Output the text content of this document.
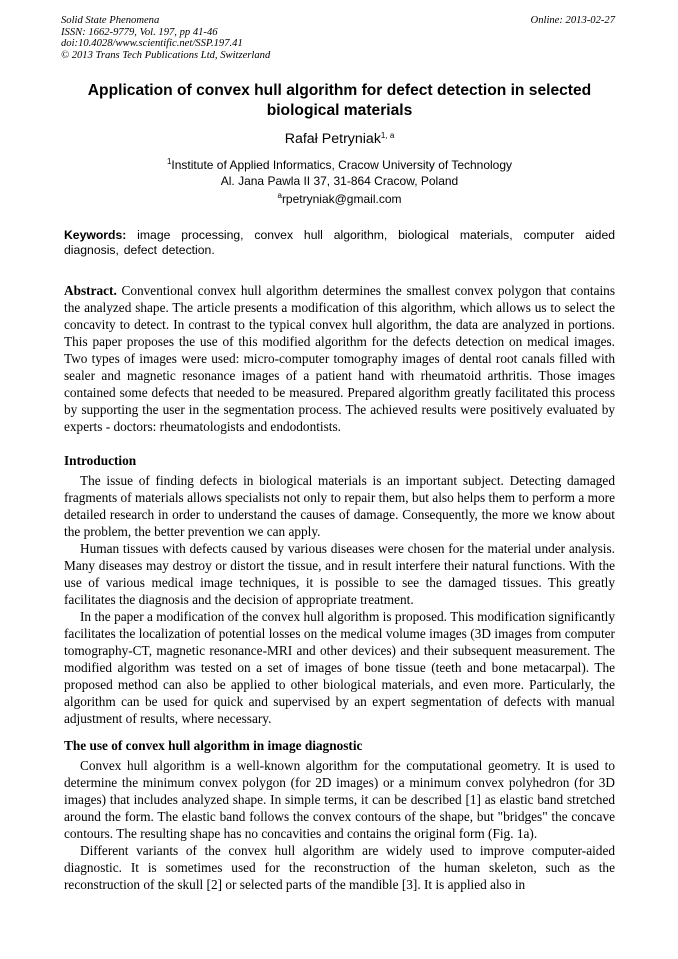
Solid State Phenomena
ISSN: 1662-9779, Vol. 197, pp 41-46
doi:10.4028/www.scientific.net/SSP.197.41
© 2013 Trans Tech Publications Ltd, Switzerland
Online: 2013-02-27
Application of convex hull algorithm for defect detection in selected biological materials
Rafał Petryniak$^{1, a}$
$^1$Institute of Applied Informatics, Cracow University of Technology
Al. Jana Pawla II 37, 31-864 Cracow, Poland
$^a$rpetryniak@gmail.com
Keywords: image processing, convex hull algorithm, biological materials, computer aided diagnosis, defect detection.
Abstract. Conventional convex hull algorithm determines the smallest convex polygon that contains the analyzed shape. The article presents a modification of this algorithm, which allows us to select the concavity to detect. In contrast to the typical convex hull algorithm, the data are analyzed in portions. This paper proposes the use of this modified algorithm for the defects detection on medical images. Two types of images were used: micro-computer tomography images of dental root canals filled with sealer and magnetic resonance images of a patient hand with rheumatoid arthritis. Those images contained some defects that needed to be measured. Prepared algorithm greatly facilitated this process by supporting the user in the segmentation process. The achieved results were positively evaluated by experts - doctors: rheumatologists and endodontists.
Introduction

The issue of finding defects in biological materials is an important subject. Detecting damaged fragments of materials allows specialists not only to repair them, but also helps them to perform a more detailed research in order to understand the causes of damage. Consequently, the more we know about the problem, the better prevention we can apply.

Human tissues with defects caused by various diseases were chosen for the material under analysis. Many diseases may destroy or distort the tissue, and in result interfere their natural functions. With the use of various medical image techniques, it is possible to see the damaged tissues. This greatly facilitates the diagnosis and the decision of appropriate treatment.

In the paper a modification of the convex hull algorithm is proposed. This modification significantly facilitates the localization of potential losses on the medical volume images (3D images from computer tomography-CT, magnetic resonance-MRI and other devices) and their subsequent measurement. The modified algorithm was tested on a set of images of bone tissue (teeth and bone metacarpal). The proposed method can also be applied to other biological materials, and even more. Particularly, the algorithm can be used for quick and supervised by an expert segmentation of defects with manual adjustment of results, where necessary.

The use of convex hull algorithm in image diagnostic

Convex hull algorithm is a well-known algorithm for the computational geometry. It is used to determine the minimum convex polygon (for 2D images) or a minimum convex polyhedron (for 3D images) that includes analyzed shape. In simple terms, it can be described [1] as elastic band stretched around the form. The elastic band follows the convex contours of the shape, but "bridges" the concave contours. The resulting shape has no concavities and contains the original form (Fig. 1a).

Different variants of the convex hull algorithm are widely used to improve computer-aided diagnostic. It is sometimes used for the reconstruction of the human skeleton, such as the reconstruction of the skull [2] or selected parts of the mandible [3]. It is applied also in
